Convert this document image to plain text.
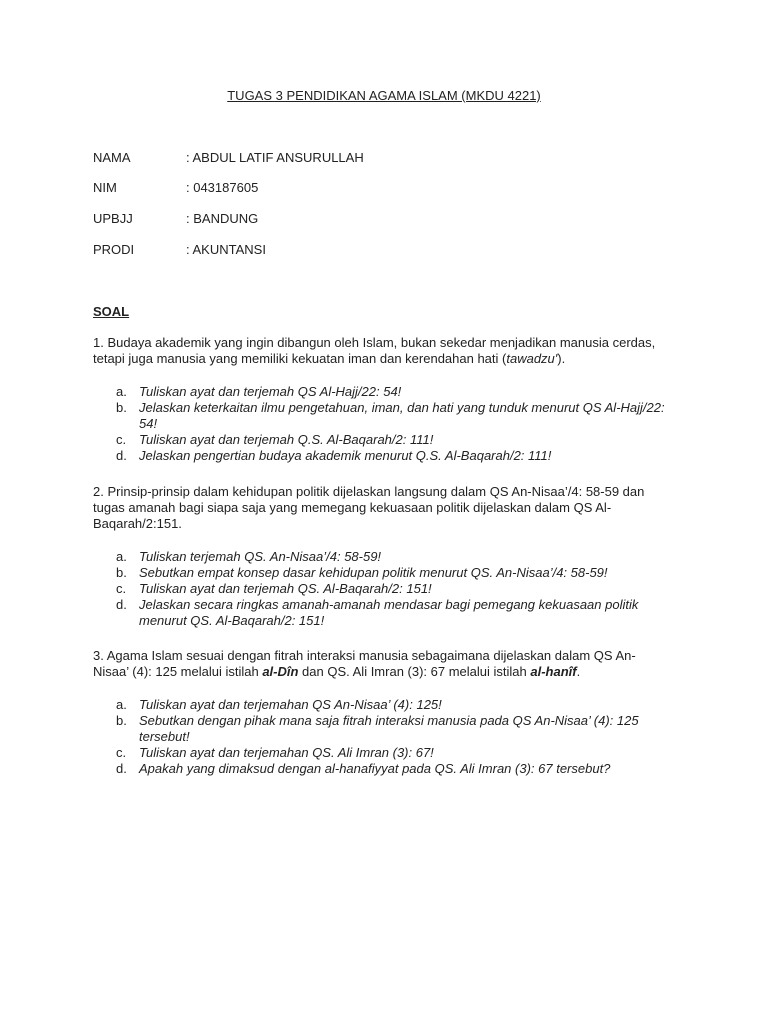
TUGAS 3 PENDIDIKAN AGAMA ISLAM (MKDU 4221)
NAMA	: ABDUL LATIF ANSURULLAH
NIM	: 043187605
UPBJJ	: BANDUNG
PRODI	: AKUNTANSI
SOAL

1. Budaya akademik yang ingin dibangun oleh Islam, bukan sekedar menjadikan manusia cerdas, tetapi juga manusia yang memiliki kekuatan iman dan kerendahan hati (tawadzu').

a. Tuliskan ayat dan terjemah QS Al-Hajj/22: 54!
b. Jelaskan keterkaitan ilmu pengetahuan, iman, dan hati yang tunduk menurut QS Al-Hajj/22: 54!
c. Tuliskan ayat dan terjemah Q.S. Al-Baqarah/2: 111!
d. Jelaskan pengertian budaya akademik menurut Q.S. Al-Baqarah/2: 111!

2. Prinsip-prinsip dalam kehidupan politik dijelaskan langsung dalam QS An-Nisaa’/4: 58-59 dan tugas amanah bagi siapa saja yang memegang kekuasaan politik dijelaskan dalam QS Al-Baqarah/2:151.

a. Tuliskan terjemah QS. An-Nisaa’/4: 58-59!
b. Sebutkan empat konsep dasar kehidupan politik menurut QS. An-Nisaa’/4: 58-59!
c. Tuliskan ayat dan terjemah QS. Al-Baqarah/2: 151!
d. Jelaskan secara ringkas amanah-amanah mendasar bagi pemegang kekuasaan politik menurut QS. Al-Baqarah/2: 151!

3. Agama Islam sesuai dengan fitrah interaksi manusia sebagaimana dijelaskan dalam QS An-Nisaa’ (4): 125 melalui istilah al-Dîn dan QS. Ali Imran (3): 67 melalui istilah al-hanîf.

a. Tuliskan ayat dan terjemahan QS An-Nisaa’ (4): 125!
b. Sebutkan dengan pihak mana saja fitrah interaksi manusia pada QS An-Nisaa’ (4): 125 tersebut!
c. Tuliskan ayat dan terjemahan QS. Ali Imran (3): 67!
d. Apakah yang dimaksud dengan al-hanafiyyat pada QS. Ali Imran (3): 67 tersebut?
